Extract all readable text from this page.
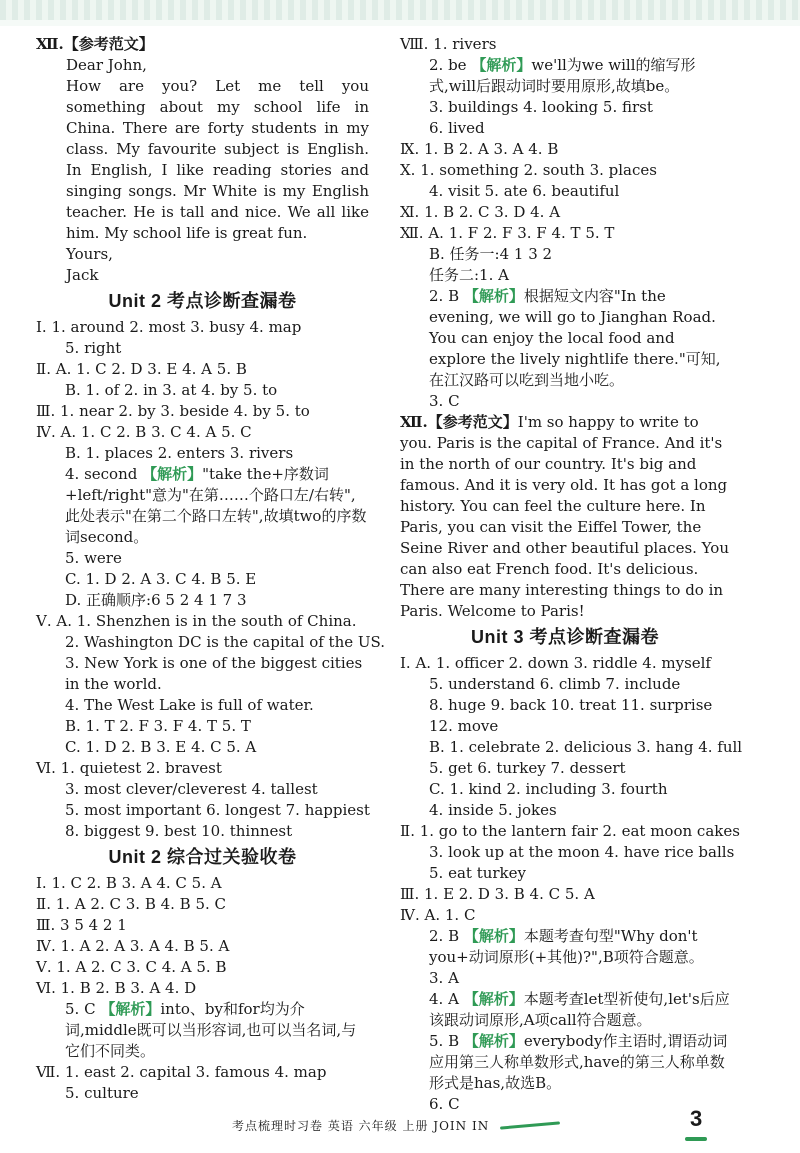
Ⅻ.【参考范文】
Dear John,
How are you? Let me tell you something about my school life in China. There are forty students in my class. My favourite subject is English. In English, I like reading stories and singing songs. Mr White is my English teacher. He is tall and nice. We all like him. My school life is great fun.
Yours,
Jack
Unit 2 考点诊断查漏卷
Ⅰ. 1. around 2. most 3. busy 4. map
5. right
Ⅱ. A. 1. C 2. D 3. E 4. A 5. B
B. 1. of 2. in 3. at 4. by 5. to
Ⅲ. 1. near 2. by 3. beside 4. by 5. to
Ⅳ. A. 1. C 2. B 3. C 4. A 5. C
B. 1. places 2. enters 3. rivers
4. second 【解析】"take the+序数词+left/right"意为"在第……个路口左/右转",此处表示"在第二个路口左转",故填two的序数词second。
5. were
C. 1. D 2. A 3. C 4. B 5. E
D. 正确顺序:6 5 2 4 1 7 3
Ⅴ. A. 1. Shenzhen is in the south of China.
2. Washington DC is the capital of the US.
3. New York is one of the biggest cities in the world.
4. The West Lake is full of water.
B. 1. T 2. F 3. F 4. T 5. T
C. 1. D 2. B 3. E 4. C 5. A
Ⅵ. 1. quietest 2. bravest
3. most clever/cleverest 4. tallest
5. most important 6. longest 7. happiest
8. biggest 9. best 10. thinnest
Unit 2 综合过关验收卷
Ⅰ. 1. C 2. B 3. A 4. C 5. A
Ⅱ. 1. A 2. C 3. B 4. B 5. C
Ⅲ. 3 5 4 2 1
Ⅳ. 1. A 2. A 3. A 4. B 5. A
Ⅴ. 1. A 2. C 3. C 4. A 5. B
Ⅵ. 1. B 2. B 3. A 4. D
5. C 【解析】into、by和for均为介词,middle既可以当形容词,也可以当名词,与它们不同类。
Ⅶ. 1. east 2. capital 3. famous 4. map
5. culture
Ⅷ. 1. rivers
2. be 【解析】we'll为we will的缩写形式,will后跟动词时要用原形,故填be。
3. buildings 4. looking 5. first
6. lived
Ⅸ. 1. B 2. A 3. A 4. B
Ⅹ. 1. something 2. south 3. places
4. visit 5. ate 6. beautiful
Ⅺ. 1. B 2. C 3. D 4. A
Ⅻ. A. 1. F 2. F 3. F 4. T 5. T
B. 任务一:4 1 3 2
任务二:1. A
2. B 【解析】根据短文内容"In the evening, we will go to Jianghan Road. You can enjoy the local food and explore the lively nightlife there."可知,在江汉路可以吃到当地小吃。
3. C
Ⅻ.【参考范文】I'm so happy to write to you. Paris is the capital of France. And it's in the north of our country. It's big and famous. And it is very old. It has got a long history. You can feel the culture here. In Paris, you can visit the Eiffel Tower, the Seine River and other beautiful places. You can also eat French food. It's delicious. There are many interesting things to do in Paris. Welcome to Paris!
Unit 3 考点诊断查漏卷
Ⅰ. A. 1. officer 2. down 3. riddle 4. myself
5. understand 6. climb 7. include
8. huge 9. back 10. treat 11. surprise
12. move
B. 1. celebrate 2. delicious 3. hang 4. full
5. get 6. turkey 7. dessert
C. 1. kind 2. including 3. fourth
4. inside 5. jokes
Ⅱ. 1. go to the lantern fair 2. eat moon cakes
3. look up at the moon 4. have rice balls
5. eat turkey
Ⅲ. 1. E 2. D 3. B 4. C 5. A
Ⅳ. A. 1. C
2. B 【解析】本题考查句型"Why don't you+动词原形(+其他)?",B项符合题意。
3. A
4. A 【解析】本题考查let型祈使句,let's后应该跟动词原形,A项call符合题意。
5. B 【解析】everybody作主语时,谓语动词应用第三人称单数形式,have的第三人称单数形式是has,故选B。
6. C
考点梳理时习卷 英语 六年级 上册 JOIN IN	3
